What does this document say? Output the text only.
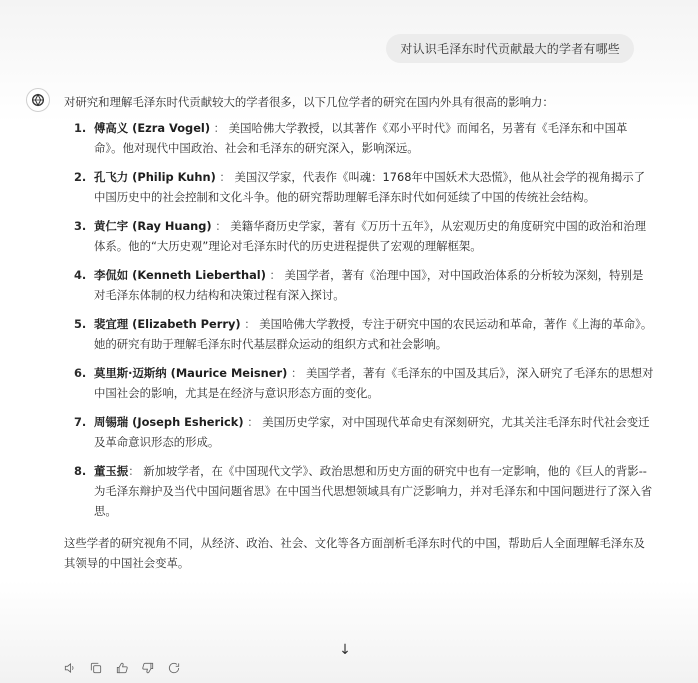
对认识毛泽东时代贡献最大的学者有哪些

对研究和理解毛泽东时代贡献较大的学者很多，以下几位学者的研究在国内外具有很高的影响力：

1. 傅高义 (Ezra Vogel) ： 美国哈佛大学教授，以其著作《邓小平时代》而闻名，另著有《毛泽东和中国革命》。他对现代中国政治、社会和毛泽东的研究深入，影响深远。
2. 孔飞力 (Philip Kuhn) ： 美国汉学家，代表作《叫魂：1768年中国妖术大恐慌》，他从社会学的视角揭示了中国历史中的社会控制和文化斗争。他的研究帮助理解毛泽东时代如何延续了中国的传统社会结构。
3. 黄仁宇 (Ray Huang) ： 美籍华裔历史学家，著有《万历十五年》，从宏观历史的角度研究中国的政治和治理体系。他的“大历史观”理论对毛泽东时代的历史进程提供了宏观的理解框架。
4. 李侃如 (Kenneth Lieberthal) ： 美国学者，著有《治理中国》，对中国政治体系的分析较为深刻，特别是对毛泽东体制的权力结构和决策过程有深入探讨。
5. 裴宜理 (Elizabeth Perry) ： 美国哈佛大学教授，专注于研究中国的农民运动和革命，著作《上海的革命》。她的研究有助于理解毛泽东时代基层群众运动的组织方式和社会影响。
6. 莫里斯·迈斯纳 (Maurice Meisner) ： 美国学者，著有《毛泽东的中国及其后》，深入研究了毛泽东的思想对中国社会的影响，尤其是在经济与意识形态方面的变化。
7. 周锡瑞 (Joseph Esherick) ： 美国历史学家，对中国现代革命史有深刻研究，尤其关注毛泽东时代社会变迁及革命意识形态的形成。
8. 董玉振： 新加坡学者，在《中国现代文学》、政治思想和历史方面的研究中也有一定影响，他的《巨人的背影--为毛泽东辩护及当代中国问题省思》在中国当代思想领域具有广泛影响力，并对毛泽东和中国问题进行了深入省思。

这些学者的研究视角不同，从经济、政治、社会、文化等各方面剖析毛泽东时代的中国，帮助后人全面理解毛泽东及其领导的中国社会变革。

↓
